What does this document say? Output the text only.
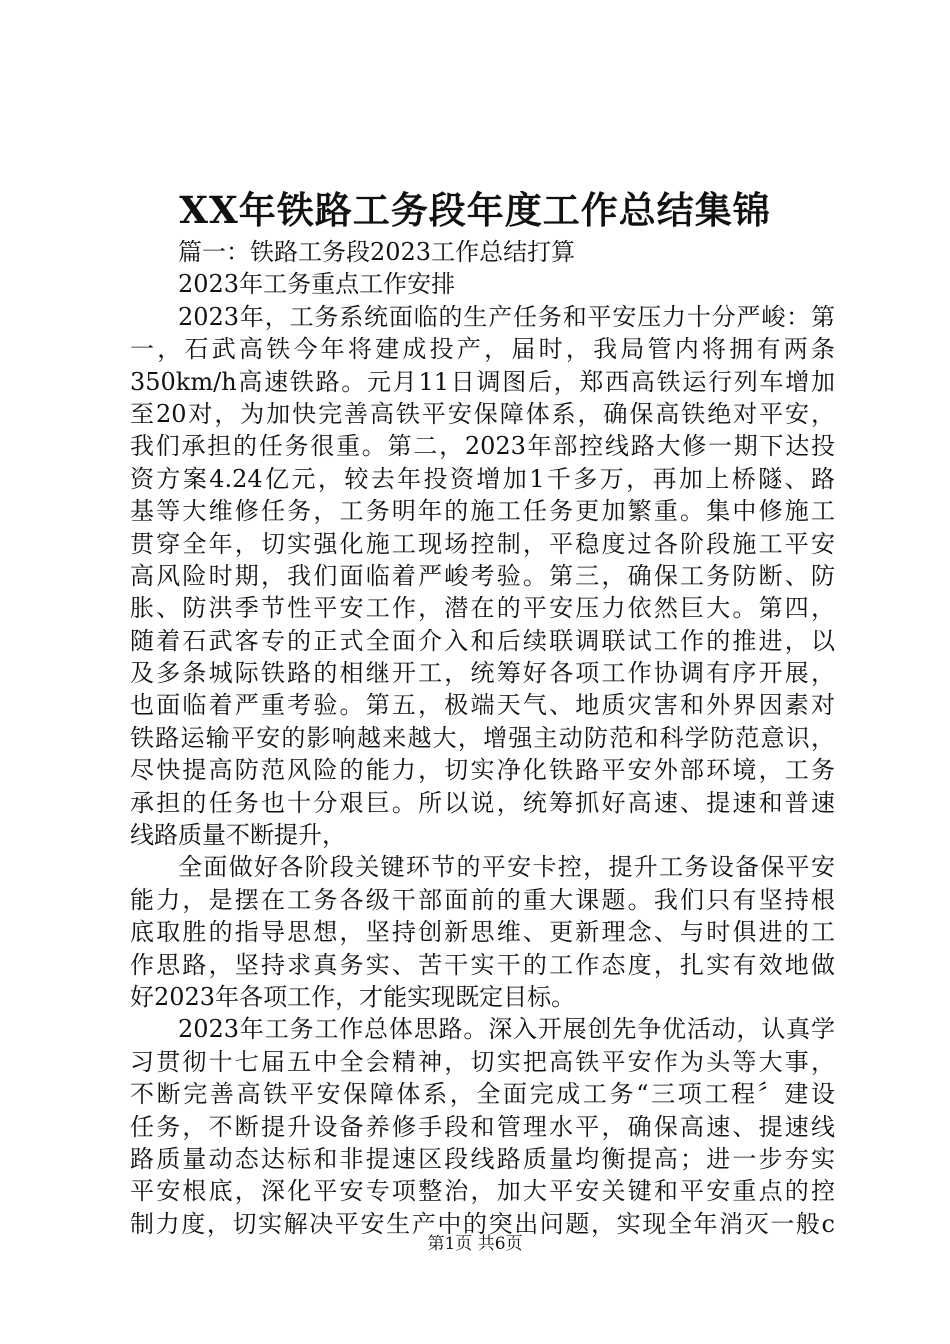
XX年铁路工务段年度工作总结集锦
篇一：铁路工务段2023工作总结打算
2023年工务重点工作安排
2023年，工务系统面临的生产任务和平安压力十分严峻：第
一，石武高铁今年将建成投产，届时，我局管内将拥有两条
350km/h高速铁路。元月11日调图后，郑西高铁运行列车增加
至20对，为加快完善高铁平安保障体系，确保高铁绝对平安，
我们承担的任务很重。第二，2023年部控线路大修一期下达投
资方案4.24亿元，较去年投资增加1千多万，再加上桥隧、路
基等大维修任务，工务明年的施工任务更加繁重。集中修施工
贯穿全年，切实强化施工现场控制，平稳度过各阶段施工平安
高风险时期，我们面临着严峻考验。第三，确保工务防断、防
胀、防洪季节性平安工作，潜在的平安压力依然巨大。第四，
随着石武客专的正式全面介入和后续联调联试工作的推进，以
及多条城际铁路的相继开工，统筹好各项工作协调有序开展，
也面临着严重考验。第五，极端天气、地质灾害和外界因素对
铁路运输平安的影响越来越大，增强主动防范和科学防范意识，
尽快提高防范风险的能力，切实净化铁路平安外部环境，工务
承担的任务也十分艰巨。所以说，统筹抓好高速、提速和普速
线路质量不断提升，
全面做好各阶段关键环节的平安卡控，提升工务设备保平安
能力，是摆在工务各级干部面前的重大课题。我们只有坚持根
底取胜的指导思想，坚持创新思维、更新理念、与时俱进的工
作思路，坚持求真务实、苦干实干的工作态度，扎实有效地做
好2023年各项工作，才能实现既定目标。
2023年工务工作总体思路。深入开展创先争优活动，认真学
习贯彻十七届五中全会精神，切实把高铁平安作为头等大事，
不断完善高铁平安保障体系，全面完成工务“三项工程〞建设
任务，不断提升设备养修手段和管理水平，确保高速、提速线
路质量动态达标和非提速区段线路质量均衡提高；进一步夯实
平安根底，深化平安专项整治，加大平安关键和平安重点的控
制力度，切实解决平安生产中的突出问题，实现全年消灭一般c
第1页 共6页
